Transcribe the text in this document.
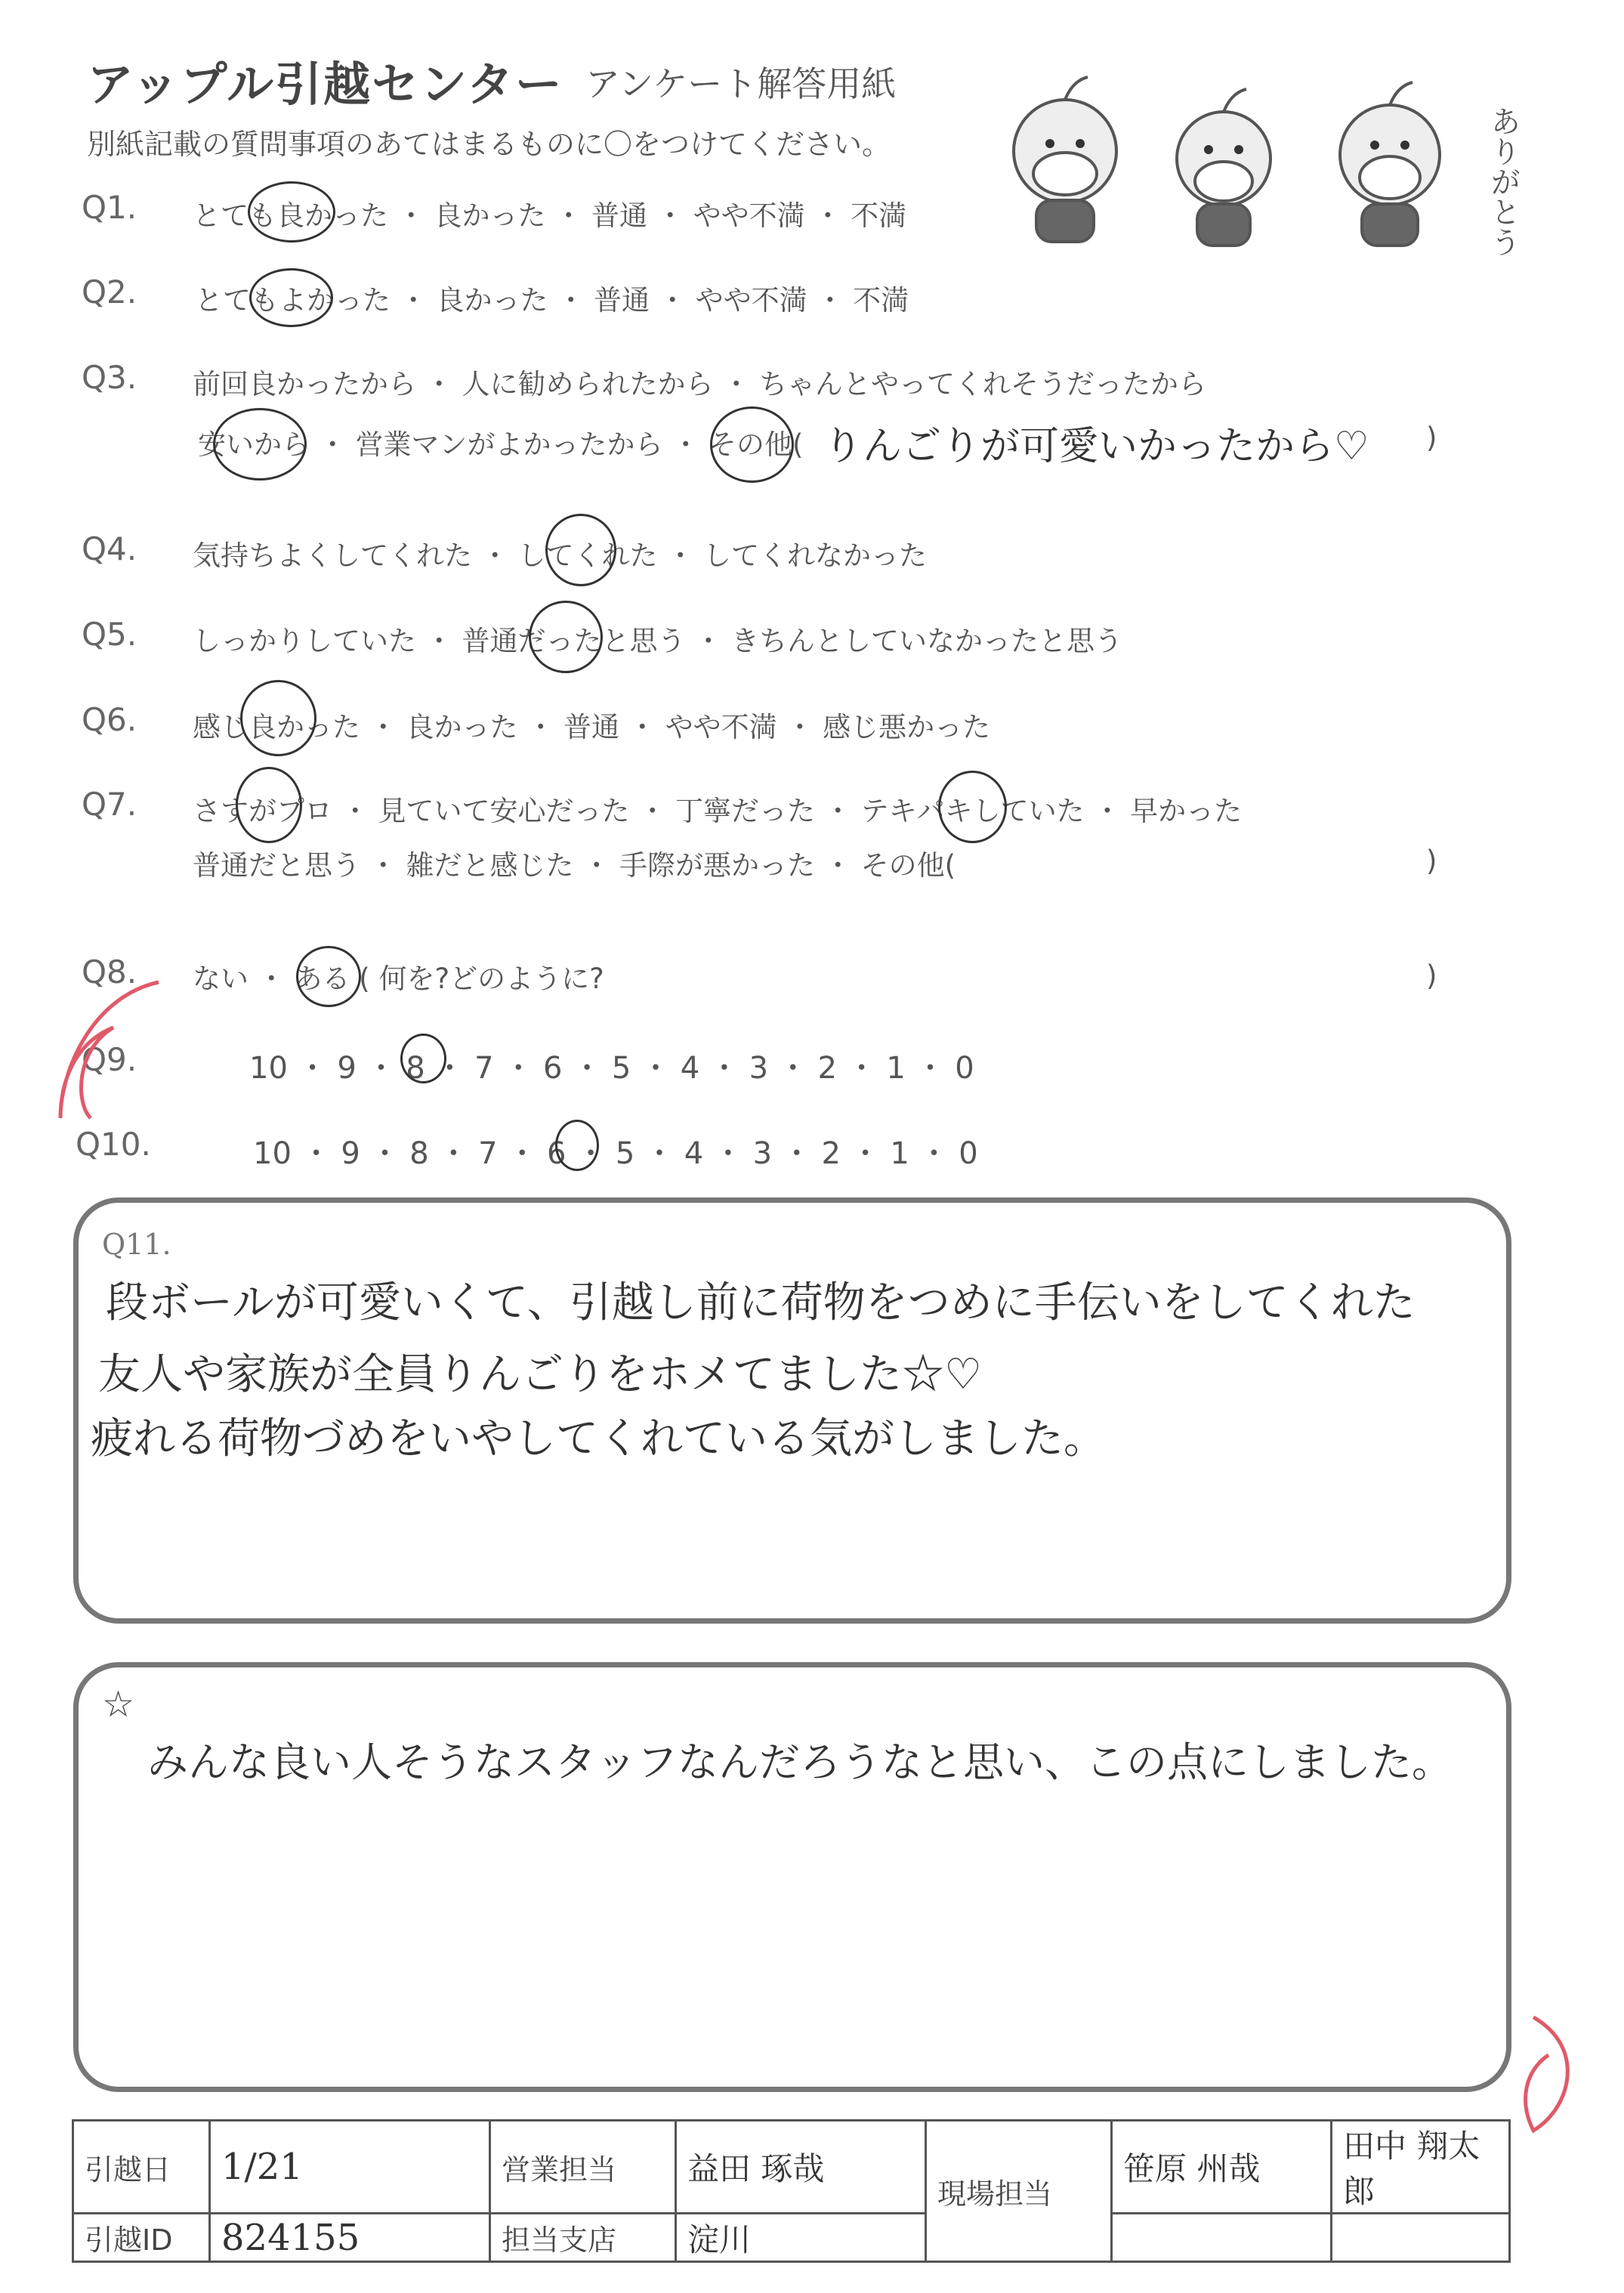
アップル引越センター アンケート解答用紙
別紙記載の質問事項のあてはまるものに〇をつけてください。	ありがとう
Q1. とても良かった ・ 良かった ・ 普通 ・ やや不満 ・ 不満
Q2. とてもよかった ・ 良かった ・ 普通 ・ やや不満 ・ 不満
Q3. 前回良かったから ・ 人に勧められたから ・ ちゃんとやってくれそうだったから
安いから ・ 営業マンがよかったから ・ その他( りんごりが可愛いかったから♡ )
Q4. 気持ちよくしてくれた ・ してくれた ・ してくれなかった
Q5. しっかりしていた ・ 普通だったと思う ・ きちんとしていなかったと思う
Q6. 感じ良かった ・ 良かった ・ 普通 ・ やや不満 ・ 感じ悪かった
Q7. さすがプロ ・ 見ていて安心だった ・ 丁寧だった ・ テキパキしていた ・ 早かった
普通だと思う ・ 雑だと感じた ・ 手際が悪かった ・ その他(	)
Q8. ない ・ ある ( 何を?どのように?	)
Q9.	10 ・ 9 ・ 8 ・ 7 ・ 6 ・ 5 ・ 4 ・ 3 ・ 2 ・ 1 ・ 0
Q10.	10 ・ 9 ・ 8 ・ 7 ・ 6 ・ 5 ・ 4 ・ 3 ・ 2 ・ 1 ・ 0
Q11.
段ボールが可愛いくて、引越し前に荷物をつめに手伝いをしてくれた
友人や家族が全員りんごりをホメてました☆♡
疲れる荷物づめをいやしてくれている気がしました。
☆
みんな良い人そうなスタッフなんだろうなと思い、この点にしました。
引越日	1/21	営業担当	益田 琢哉	現場担当	笹原 州哉	田中 翔太郎
引越ID	824155	担当支店	淀川			
